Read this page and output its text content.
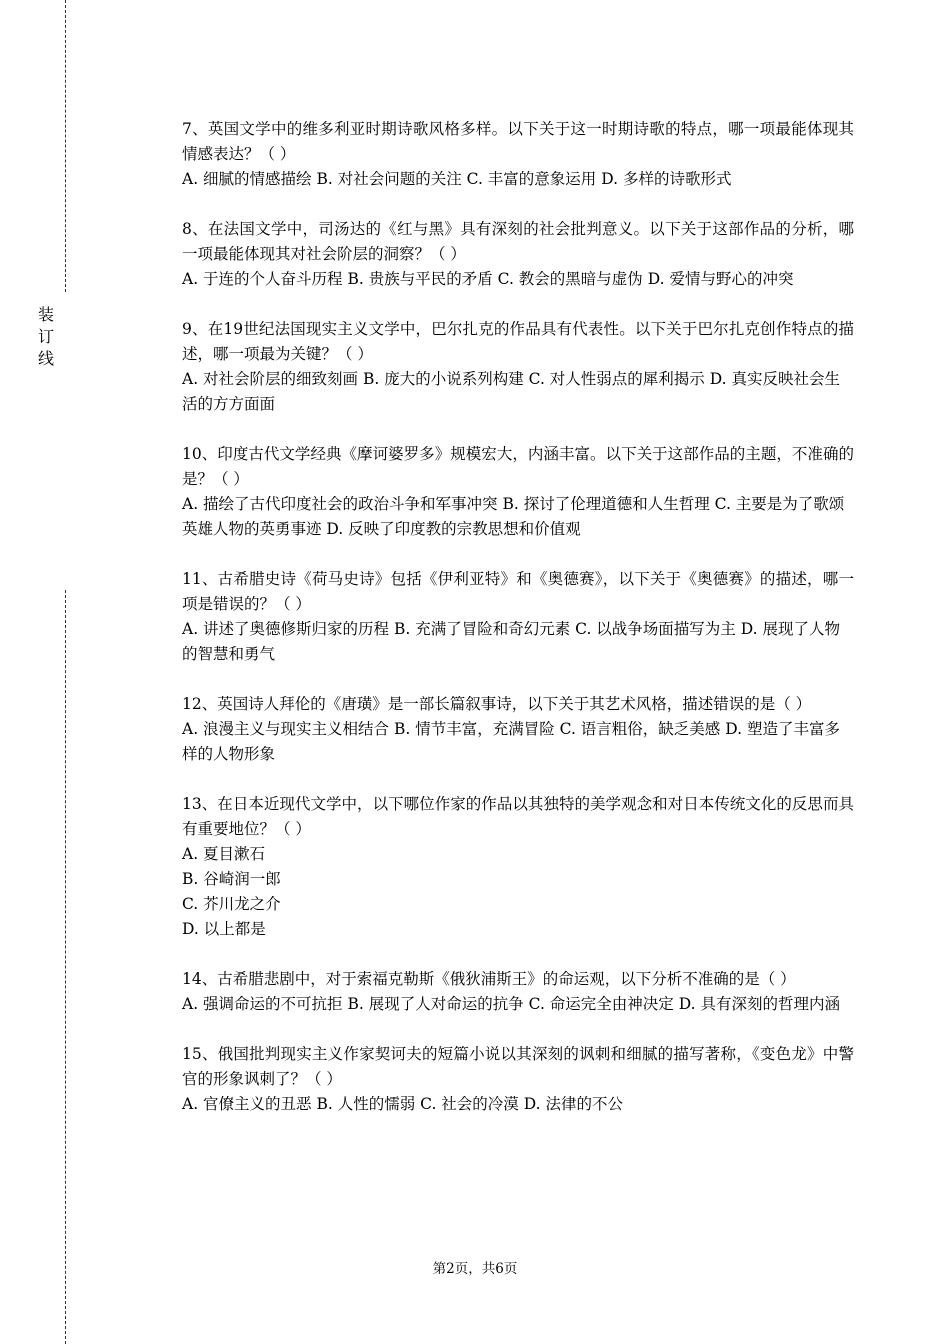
装
订
线

7、英国文学中的维多利亚时期诗歌风格多样。以下关于这一时期诗歌的特点，哪一项最能体现其情感表达？（ ）

A. 细腻的情感描绘 B. 对社会问题的关注 C. 丰富的意象运用 D. 多样的诗歌形式

8、在法国文学中，司汤达的《红与黑》具有深刻的社会批判意义。以下关于这部作品的分析，哪一项最能体现其对社会阶层的洞察？（ ）

A. 于连的个人奋斗历程 B. 贵族与平民的矛盾 C. 教会的黑暗与虚伪 D. 爱情与野心的冲突

9、在19世纪法国现实主义文学中，巴尔扎克的作品具有代表性。以下关于巴尔扎克创作特点的描述，哪一项最为关键？（ ）

A. 对社会阶层的细致刻画 B. 庞大的小说系列构建 C. 对人性弱点的犀利揭示 D. 真实反映社会生活的方方面面

10、印度古代文学经典《摩诃婆罗多》规模宏大，内涵丰富。以下关于这部作品的主题，不准确的是？（ ）

A. 描绘了古代印度社会的政治斗争和军事冲突 B. 探讨了伦理道德和人生哲理 C. 主要是为了歌颂英雄人物的英勇事迹 D. 反映了印度教的宗教思想和价值观

11、古希腊史诗《荷马史诗》包括《伊利亚特》和《奥德赛》，以下关于《奥德赛》的描述，哪一项是错误的？（ ）

A. 讲述了奥德修斯归家的历程 B. 充满了冒险和奇幻元素 C. 以战争场面描写为主 D. 展现了人物的智慧和勇气

12、英国诗人拜伦的《唐璜》是一部长篇叙事诗，以下关于其艺术风格，描述错误的是（ ）

A. 浪漫主义与现实主义相结合 B. 情节丰富，充满冒险 C. 语言粗俗，缺乏美感 D. 塑造了丰富多样的人物形象

13、在日本近现代文学中，以下哪位作家的作品以其独特的美学观念和对日本传统文化的反思而具有重要地位？（ ）

A. 夏目漱石

B. 谷崎润一郎

C. 芥川龙之介

D. 以上都是

14、古希腊悲剧中，对于索福克勒斯《俄狄浦斯王》的命运观，以下分析不准确的是（ ）

A. 强调命运的不可抗拒 B. 展现了人对命运的抗争 C. 命运完全由神决定 D. 具有深刻的哲理内涵

15、俄国批判现实主义作家契诃夫的短篇小说以其深刻的讽刺和细腻的描写著称，《变色龙》中警官的形象讽刺了？（ ）

A. 官僚主义的丑恶 B. 人性的懦弱 C. 社会的冷漠 D. 法律的不公

第2页，共6页
